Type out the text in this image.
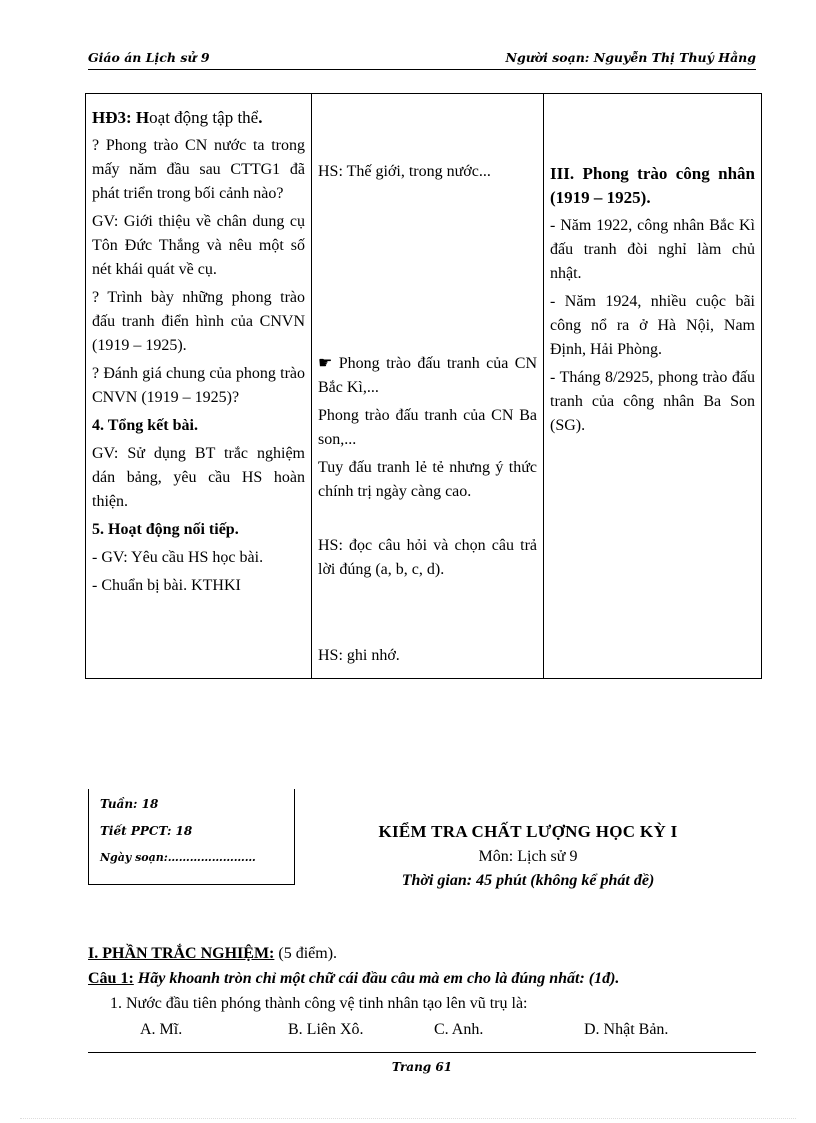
Giáo án Lịch sử 9	Người soạn: Nguyễn Thị Thuý Hằng
HĐ3: Hoạt động tập thể.
? Phong trào CN nước ta trong mấy năm đầu sau CTTG1 đã phát triển trong bối cảnh nào?
GV: Giới thiệu về chân dung cụ Tôn Đức Thắng và nêu một số nét khái quát về cụ.
? Trình bày những phong trào đấu tranh điển hình của CNVN (1919 – 1925).
? Đánh giá chung của phong trào CNVN (1919 – 1925)?
4. Tổng kết bài.
GV: Sử dụng BT trắc nghiệm dán bảng, yêu cầu HS hoàn thiện.
5. Hoạt động nối tiếp.
- GV: Yêu cầu HS học bài.
- Chuẩn bị bài. KTHKI

HS: Thế giới, trong nước...
☛ Phong trào đấu tranh của CN Bắc Kì,...
Phong trào đấu tranh của CN Ba son,...
Tuy đấu tranh lẻ tẻ nhưng ý thức chính trị ngày càng cao.
HS: đọc câu hỏi và chọn câu trả lời đúng (a, b, c, d).
HS: ghi nhớ.

III. Phong trào công nhân (1919 – 1925).
- Năm 1922, công nhân Bắc Kì đấu tranh đòi nghỉ làm chủ nhật.
- Năm 1924, nhiều cuộc bãi công nổ ra ở Hà Nội, Nam Định, Hải Phòng.
- Tháng 8/2925, phong trào đấu tranh của công nhân Ba Son (SG).
Tuần: 18
Tiết PPCT: 18
Ngày soạn:……………………
KIỂM TRA CHẤT LƯỢNG HỌC KỲ I
Môn: Lịch sử 9
Thời gian: 45 phút (không kể phát đề)
I. PHẦN TRẮC NGHIỆM: (5 điểm).
Câu 1: Hãy khoanh tròn chỉ một chữ cái đầu câu mà em cho là đúng nhất: (1đ).
1. Nước đầu tiên phóng thành công vệ tinh nhân tạo lên vũ trụ là:
A. Mĩ.	B. Liên Xô.	C. Anh.	D. Nhật Bản.
Trang 61
